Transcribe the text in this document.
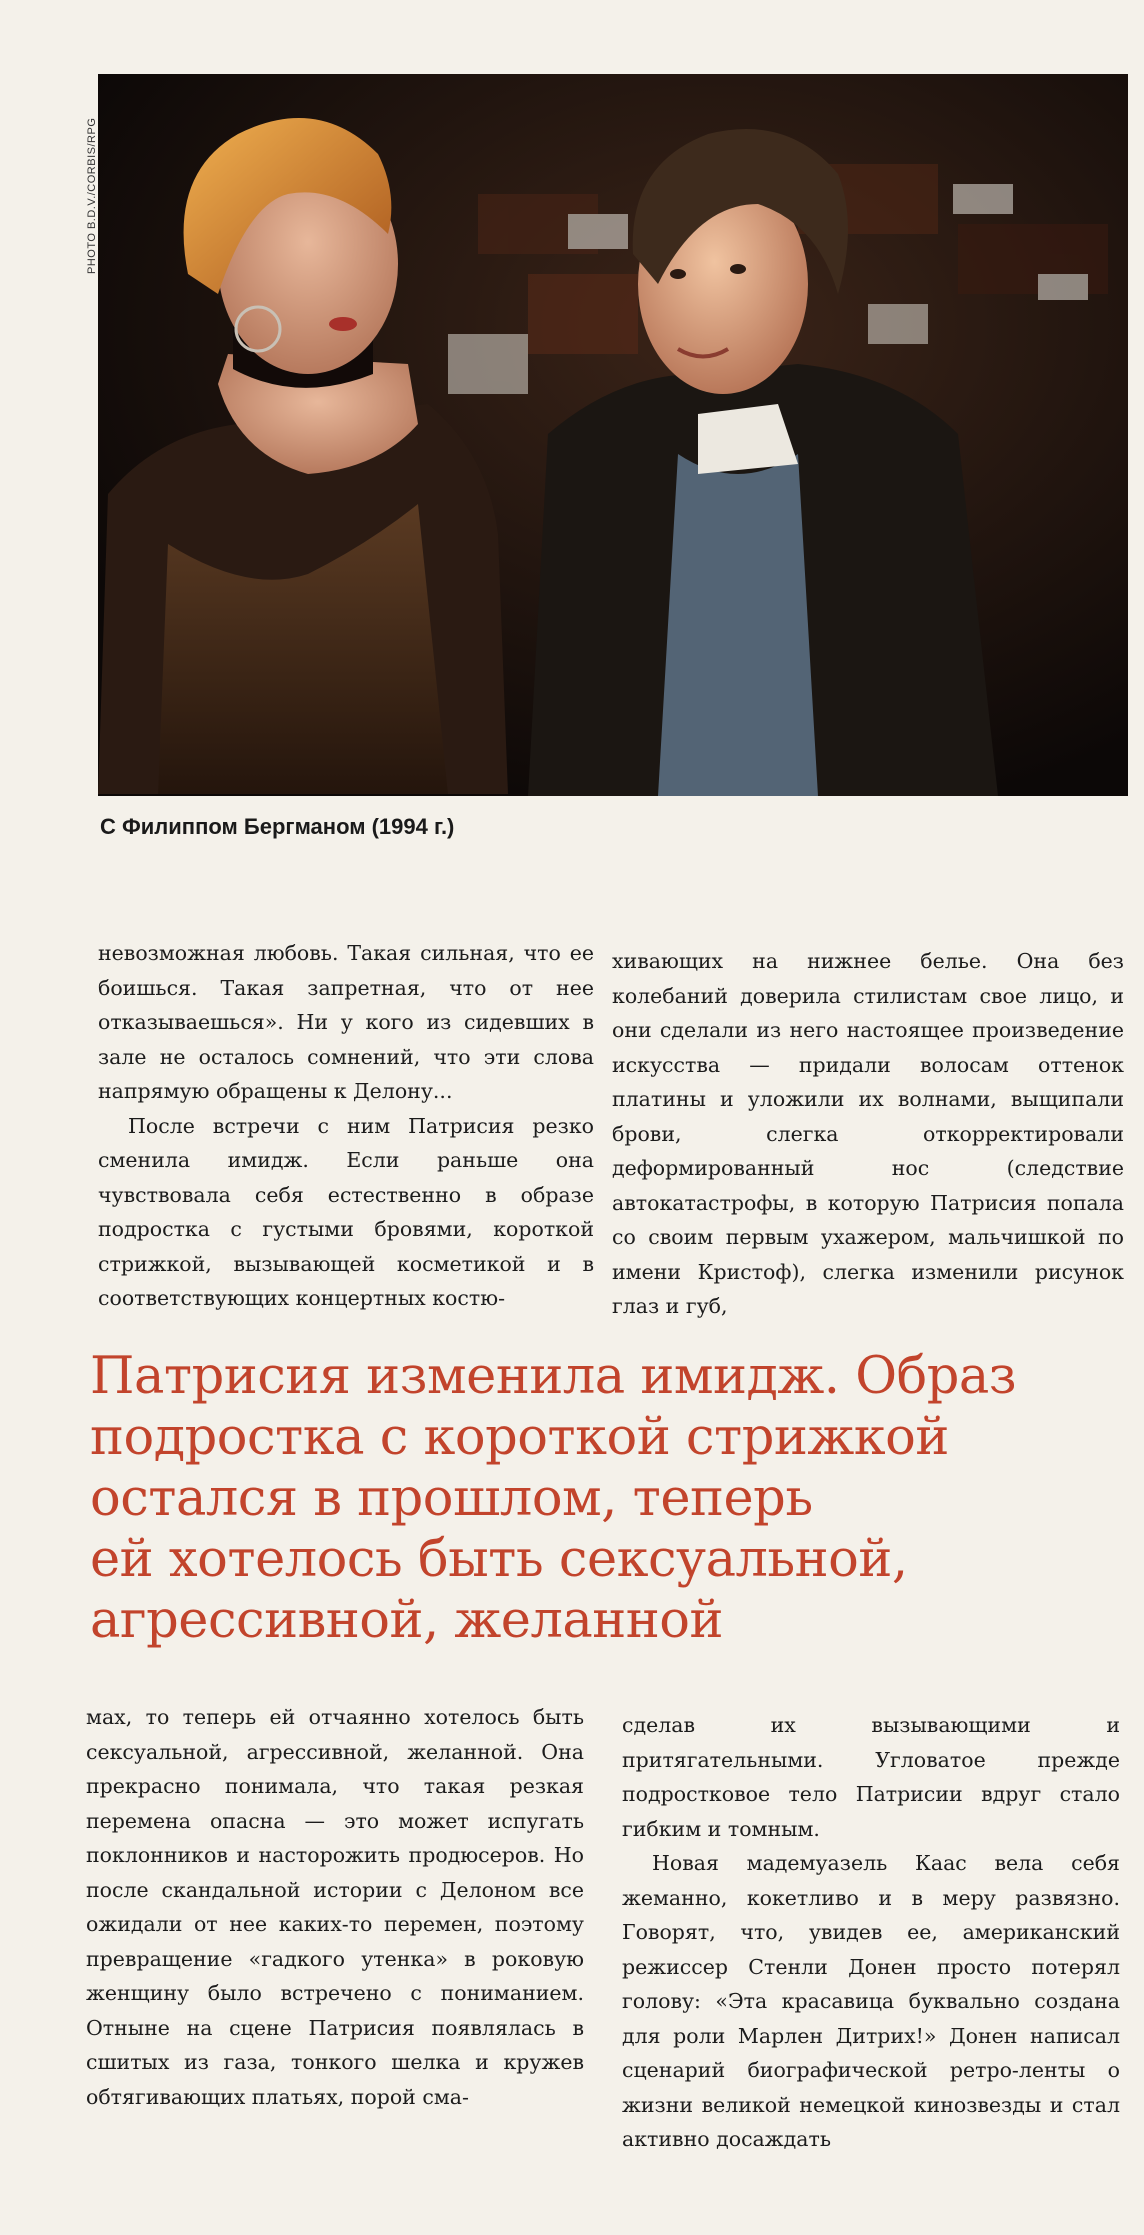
PHOTO B.D.V./CORBIS/RPG
С Филиппом Бергманом (1994 г.)

невозможная любовь. Такая сильная, что ее боишься. Такая запретная, что от нее отказываешься». Ни у кого из сидевших в зале не осталось сомнений, что эти слова напрямую обращены к Делону...

После встречи с ним Патрисия резко сменила имидж. Если раньше она чувствовала себя естественно в образе подростка с густыми бровями, короткой стрижкой, вызывающей косметикой и в соответствующих концертных костю-

хивающих на нижнее белье. Она без колебаний доверила стилистам свое лицо, и они сделали из него настоящее произведение искусства — придали волосам оттенок платины и уложили их волнами, выщипали брови, слегка откорректировали деформированный нос (следствие автокатастрофы, в которую Патрисия попала со своим первым ухажером, мальчишкой по имени Кристоф), слегка изменили рисунок глаз и губ,

Патрисия изменила имидж. Образ
подростка с короткой стрижкой
остался в прошлом, теперь
ей хотелось быть сексуальной,
агрессивной, желанной

мах, то теперь ей отчаянно хотелось быть сексуальной, агрессивной, желанной. Она прекрасно понимала, что такая резкая перемена опасна — это может испугать поклонников и насторожить продюсеров. Но после скандальной истории с Делоном все ожидали от нее каких-то перемен, поэтому превращение «гадкого утенка» в роковую женщину было встречено с пониманием. Отныне на сцене Патрисия появлялась в сшитых из газа, тонкого шелка и кружев обтягивающих платьях, порой сма-

сделав их вызывающими и притягательными. Угловатое прежде подростковое тело Патрисии вдруг стало гибким и томным.

Новая мадемуазель Каас вела себя жеманно, кокетливо и в меру развязно. Говорят, что, увидев ее, американский режиссер Стенли Донен просто потерял голову: «Эта красавица буквально создана для роли Марлен Дитрих!» Донен написал сценарий биографической ретро-ленты о жизни великой немецкой кинозвезды и стал активно досаждать
